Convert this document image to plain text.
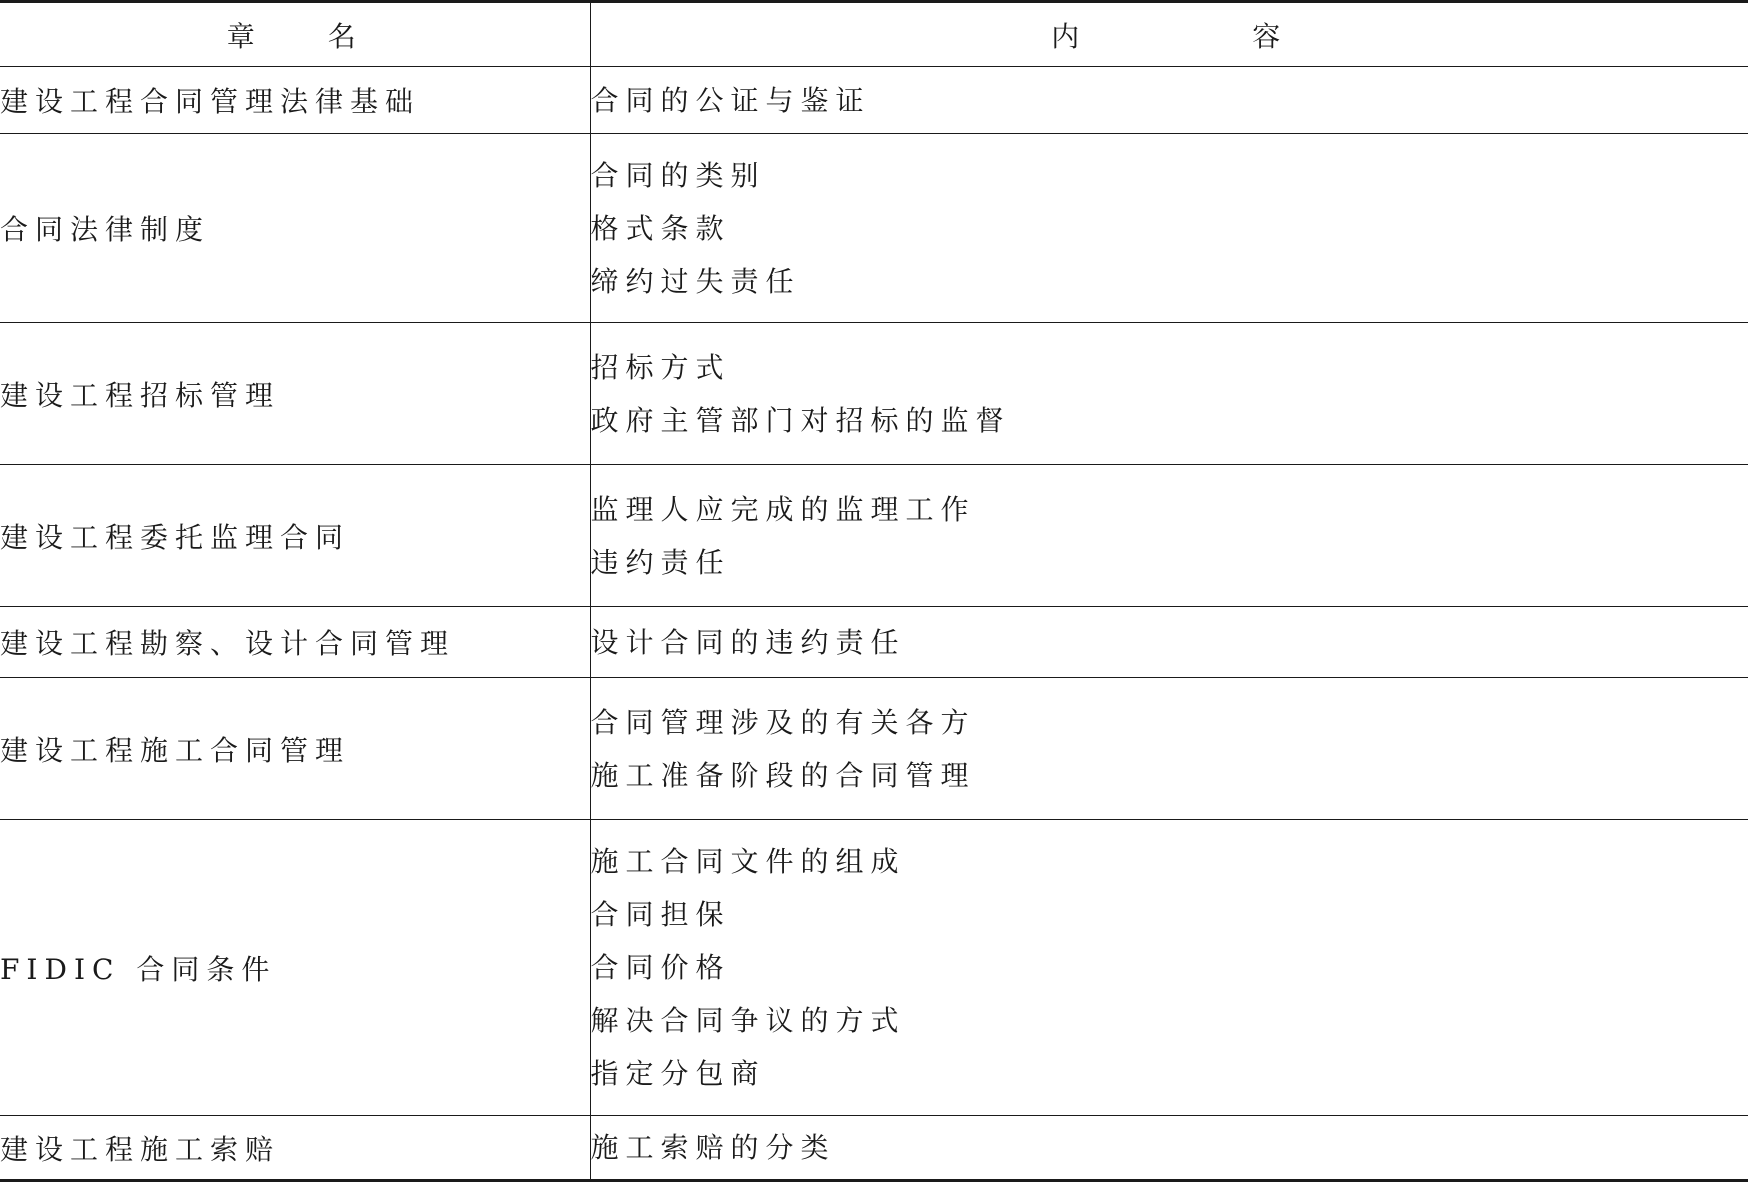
章 名	内 容
建设工程合同管理法律基础	合同的公证与鉴证

合同法律制度	合同的类别
格式条款
缔约过失责任

建设工程招标管理	招标方式
政府主管部门对招标的监督

建设工程委托监理合同	监理人应完成的监理工作
违约责任

建设工程勘察、设计合同管理	设计合同的违约责任

建设工程施工合同管理	合同管理涉及的有关各方
施工准备阶段的合同管理

FIDIC 合同条件	施工合同文件的组成
合同担保
合同价格
解决合同争议的方式
指定分包商

建设工程施工索赔	施工索赔的分类
